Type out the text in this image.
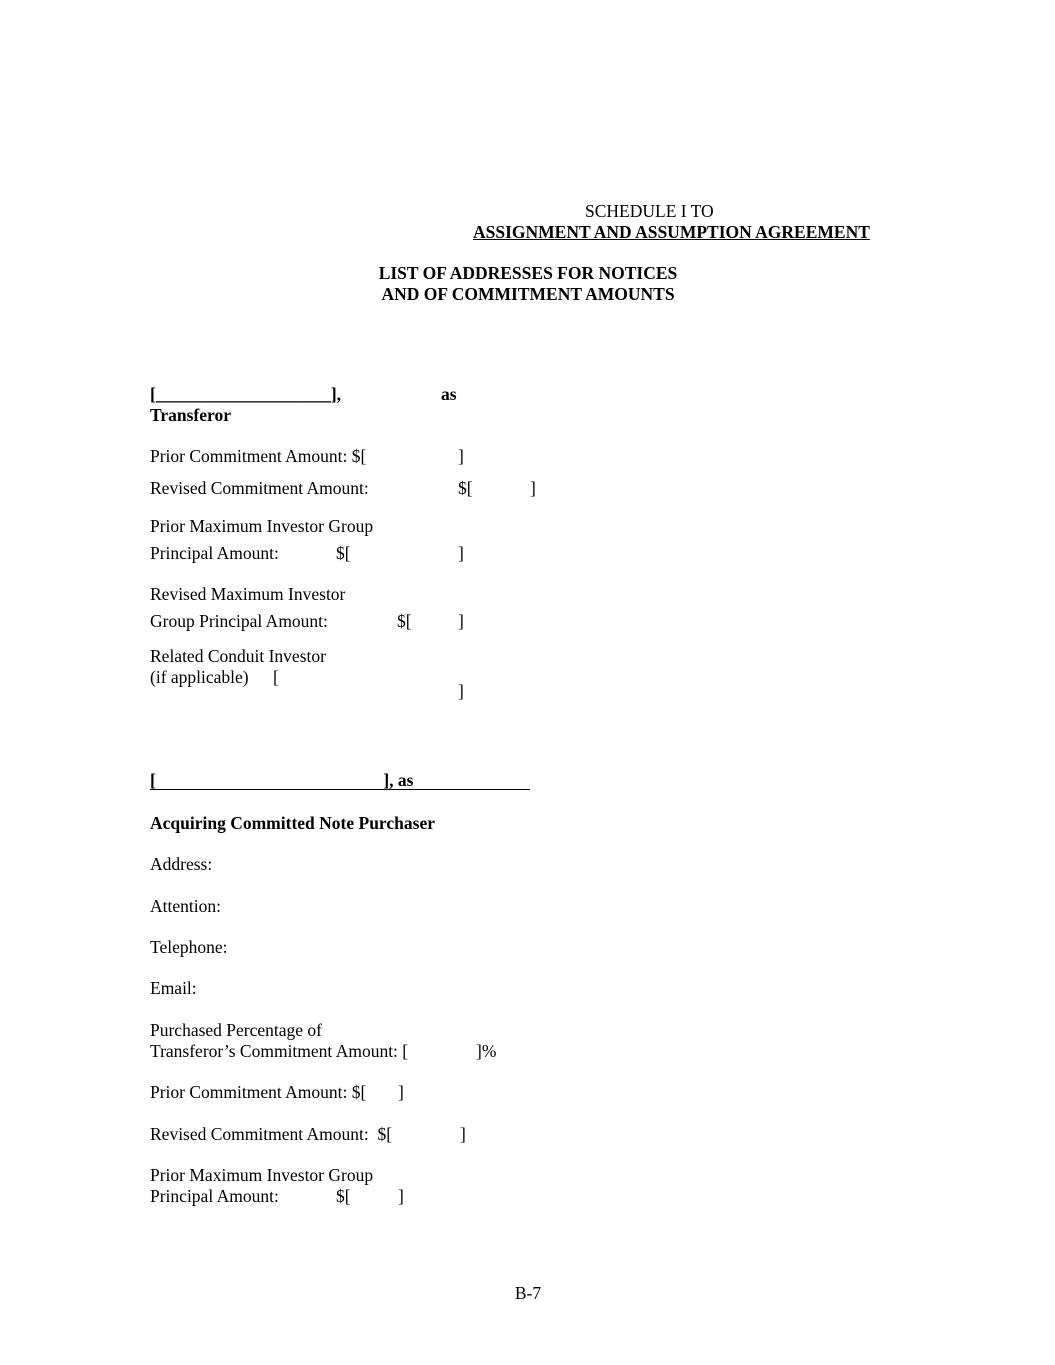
SCHEDULE I TO
ASSIGNMENT AND ASSUMPTION AGREEMENT
LIST OF ADDRESSES FOR NOTICES
AND OF COMMITMENT AMOUNTS
[____________________],	as
Transferor
Prior Commitment Amount: $[	]
Revised Commitment Amount:	$[	]
Prior Maximum Investor Group
Principal Amount:	$[	]
Revised Maximum Investor
Group Principal Amount:	$[	]
Related Conduit Investor
(if applicable) [
]
[                                                    ], as
Acquiring Committed Note Purchaser
Address:
Attention:
Telephone:
Email:
Purchased Percentage of
Transferor’s Commitment Amount: [	]%
Prior Commitment Amount: $[ ]
Revised Commitment Amount:  $[	]
Prior Maximum Investor Group
Principal Amount:	$[	]
B-7
